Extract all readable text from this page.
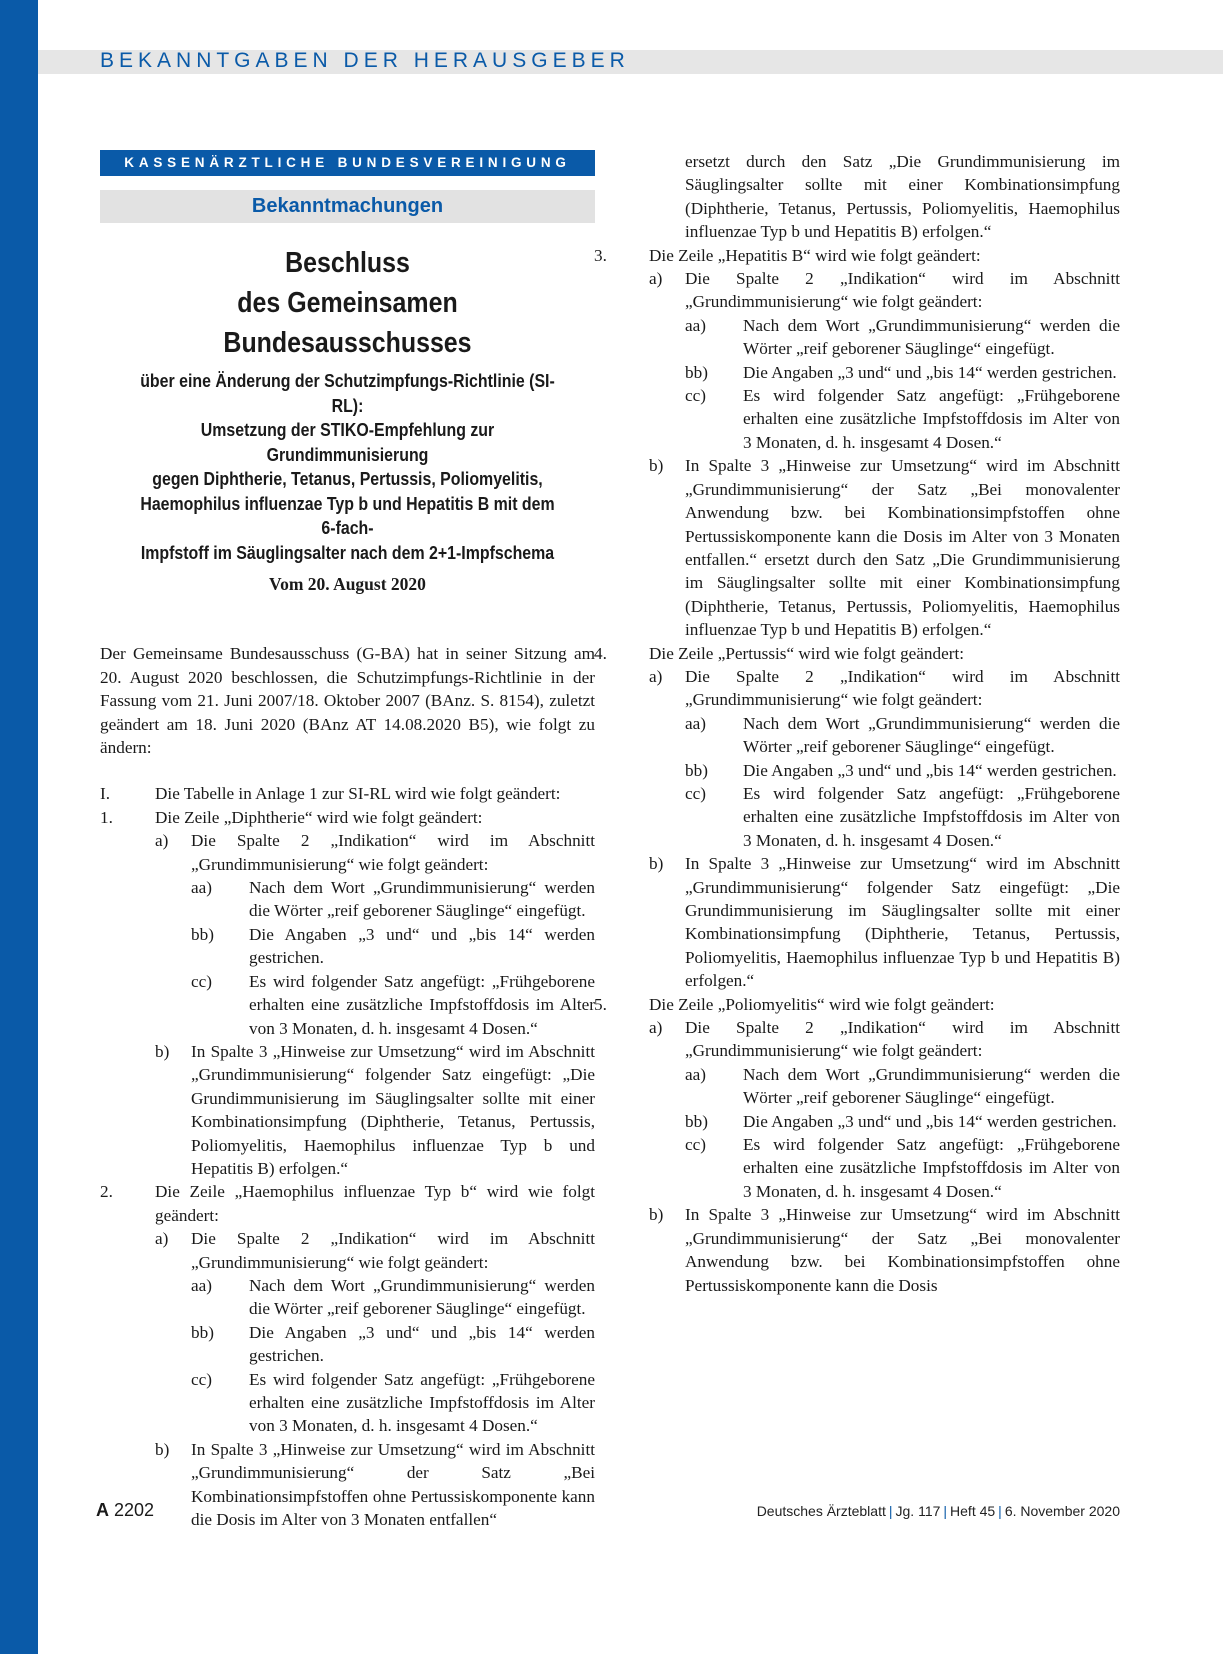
BEKANNTGABEN DER HERAUSGEBER
KASSENÄRZTLICHE BUNDESVEREINIGUNG
Bekanntmachungen
Beschluss
des Gemeinsamen Bundesausschusses
über eine Änderung der Schutzimpfungs-Richtlinie (SI-RL):
Umsetzung der STIKO-Empfehlung zur Grundimmunisierung
gegen Diphtherie, Tetanus, Pertussis, Poliomyelitis,
Haemophilus influenzae Typ b und Hepatitis B mit dem 6-fach-
Impfstoff im Säuglingsalter nach dem 2+1-Impfschema
Vom 20. August 2020
Der Gemeinsame Bundesausschuss (G-BA) hat in seiner Sitzung am 20. August 2020 beschlossen, die Schutzimpfungs-Richtlinie in der Fassung vom 21. Juni 2007/18. Oktober 2007 (BAnz. S. 8154), zuletzt geändert am 18. Juni 2020 (BAnz AT 14.08.2020 B5), wie folgt zu ändern:
I.	Die Tabelle in Anlage 1 zur SI-RL wird wie folgt geändert:
1.	Die Zeile „Diphtherie“ wird wie folgt geändert:
a)	Die Spalte 2 „Indikation“ wird im Abschnitt „Grundimmunisierung“ wie folgt geändert:
aa)	Nach dem Wort „Grundimmunisierung“ werden die Wörter „reif geborener Säuglinge“ eingefügt.
bb)	Die Angaben „3 und“ und „bis 14“ werden gestrichen.
cc)	Es wird folgender Satz angefügt: „Frühgeborene erhalten eine zusätzliche Impfstoffdosis im Alter von 3 Monaten, d. h. insgesamt 4 Dosen.“
b)	In Spalte 3 „Hinweise zur Umsetzung“ wird im Abschnitt „Grundimmunisierung“ folgender Satz eingefügt: „Die Grundimmunisierung im Säuglingsalter sollte mit einer Kombinationsimpfung (Diphtherie, Tetanus, Pertussis, Poliomyelitis, Haemophilus influenzae Typ b und Hepatitis B) erfolgen.“
2.	Die Zeile „Haemophilus influenzae Typ b“ wird wie folgt geändert:
a)	Die Spalte 2 „Indikation“ wird im Abschnitt „Grundimmunisierung“ wie folgt geändert:
aa)	Nach dem Wort „Grundimmunisierung“ werden die Wörter „reif geborener Säuglinge“ eingefügt.
bb)	Die Angaben „3 und“ und „bis 14“ werden gestrichen.
cc)	Es wird folgender Satz angefügt: „Frühgeborene erhalten eine zusätzliche Impfstoffdosis im Alter von 3 Monaten, d. h. insgesamt 4 Dosen.“
b)	In Spalte 3 „Hinweise zur Umsetzung“ wird im Abschnitt „Grundimmunisierung“ der Satz „Bei Kombinationsimpfstoffen ohne Pertussiskomponente kann die Dosis im Alter von 3 Monaten entfallen“
ersetzt durch den Satz „Die Grundimmunisierung im Säuglingsalter sollte mit einer Kombinationsimpfung (Diphtherie, Tetanus, Pertussis, Poliomyelitis, Haemophilus influenzae Typ b und Hepatitis B) erfolgen.“
3.	Die Zeile „Hepatitis B“ wird wie folgt geändert:
a)	Die Spalte 2 „Indikation“ wird im Abschnitt „Grundimmunisierung“ wie folgt geändert:
aa)	Nach dem Wort „Grundimmunisierung“ werden die Wörter „reif geborener Säuglinge“ eingefügt.
bb)	Die Angaben „3 und“ und „bis 14“ werden gestrichen.
cc)	Es wird folgender Satz angefügt: „Frühgeborene erhalten eine zusätzliche Impfstoffdosis im Alter von 3 Monaten, d. h. insgesamt 4 Dosen.“
b)	In Spalte 3 „Hinweise zur Umsetzung“ wird im Abschnitt „Grundimmunisierung“ der Satz „Bei monovalenter Anwendung bzw. bei Kombinationsimpfstoffen ohne Pertussiskomponente kann die Dosis im Alter von 3 Monaten entfallen.“ ersetzt durch den Satz „Die Grundimmunisierung im Säuglingsalter sollte mit einer Kombinationsimpfung (Diphtherie, Tetanus, Pertussis, Poliomyelitis, Haemophilus influenzae Typ b und Hepatitis B) erfolgen.“
4.	Die Zeile „Pertussis“ wird wie folgt geändert:
a)	Die Spalte 2 „Indikation“ wird im Abschnitt „Grundimmunisierung“ wie folgt geändert:
aa)	Nach dem Wort „Grundimmunisierung“ werden die Wörter „reif geborener Säuglinge“ eingefügt.
bb)	Die Angaben „3 und“ und „bis 14“ werden gestrichen.
cc)	Es wird folgender Satz angefügt: „Frühgeborene erhalten eine zusätzliche Impfstoffdosis im Alter von 3 Monaten, d. h. insgesamt 4 Dosen.“
b)	In Spalte 3 „Hinweise zur Umsetzung“ wird im Abschnitt „Grundimmunisierung“ folgender Satz eingefügt: „Die Grundimmunisierung im Säuglingsalter sollte mit einer Kombinationsimpfung (Diphtherie, Tetanus, Pertussis, Poliomyelitis, Haemophilus influenzae Typ b und Hepatitis B) erfolgen.“
5.	Die Zeile „Poliomyelitis“ wird wie folgt geändert:
a)	Die Spalte 2 „Indikation“ wird im Abschnitt „Grundimmunisierung“ wie folgt geändert:
aa)	Nach dem Wort „Grundimmunisierung“ werden die Wörter „reif geborener Säuglinge“ eingefügt.
bb)	Die Angaben „3 und“ und „bis 14“ werden gestrichen.
cc)	Es wird folgender Satz angefügt: „Frühgeborene erhalten eine zusätzliche Impfstoffdosis im Alter von 3 Monaten, d. h. insgesamt 4 Dosen.“
b)	In Spalte 3 „Hinweise zur Umsetzung“ wird im Abschnitt „Grundimmunisierung“ der Satz „Bei monovalenter Anwendung bzw. bei Kombinationsimpfstoffen ohne Pertussiskomponente kann die Dosis
A 2202	Deutsches Ärzteblatt | Jg. 117 | Heft 45 | 6. November 2020
